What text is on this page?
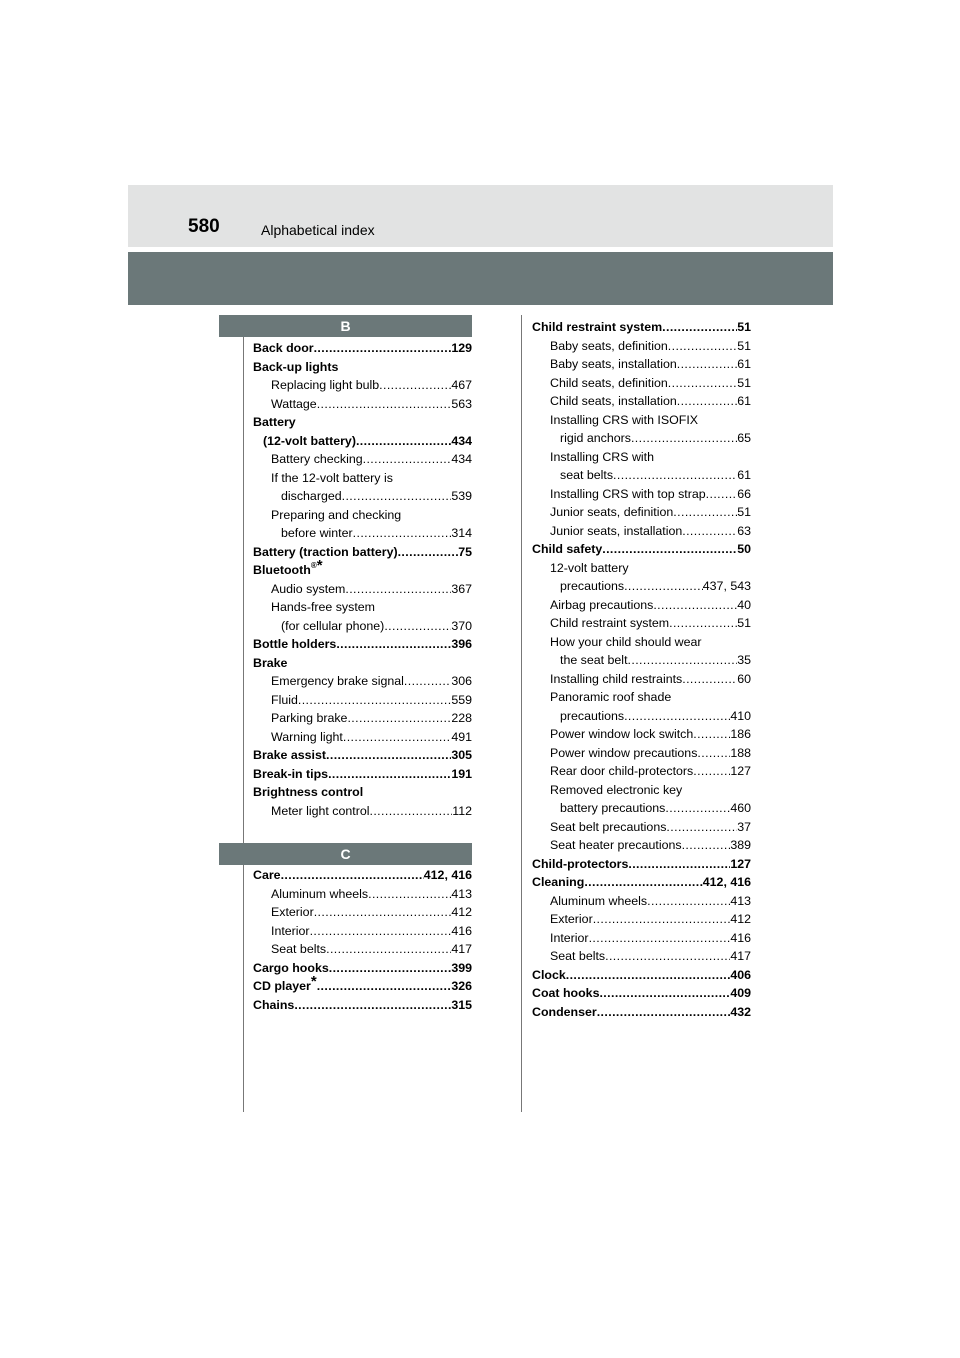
580	Alphabetical index
B
C
Back door .....	129
Back-up lights
Replacing light bulb .....	467
Wattage .....	563
Battery
(12-volt battery) .....	434
Battery checking .....	434
If the 12-volt battery is
discharged .....	539
Preparing and checking
before winter .....	314
Battery (traction battery) .....	75
Bluetooth®*
Audio system .....	367
Hands-free system
(for cellular phone) .....	370
Bottle holders .....	396
Brake
Emergency brake signal .....	306
Fluid .....	559
Parking brake .....	228
Warning light .....	491
Brake assist .....	305
Break-in tips .....	191
Brightness control
Meter light control .....	112
Care .....	412, 416
Aluminum wheels .....	413
Exterior .....	412
Interior .....	416
Seat belts .....	417
Cargo hooks .....	399
CD player* .....	326
Chains .....	315
Child restraint system .....	51
Baby seats, definition .....	51
Baby seats, installation .....	61
Child seats, definition .....	51
Child seats, installation .....	61
Installing CRS with ISOFIX
rigid anchors .....	65
Installing CRS with
seat belts .....	61
Installing CRS with top strap .....	66
Junior seats, definition .....	51
Junior seats, installation .....	63
Child safety .....	50
12-volt battery
precautions .....	437, 543
Airbag precautions .....	40
Child restraint system .....	51
How your child should wear
the seat belt .....	35
Installing child restraints .....	60
Panoramic roof shade
precautions .....	410
Power window lock switch .....	186
Power window precautions .....	188
Rear door child-protectors .....	127
Removed electronic key
battery precautions .....	460
Seat belt precautions .....	37
Seat heater precautions .....	389
Child-protectors .....	127
Cleaning .....	412, 416
Aluminum wheels .....	413
Exterior .....	412
Interior .....	416
Seat belts .....	417
Clock .....	406
Coat hooks .....	409
Condenser .....	432
